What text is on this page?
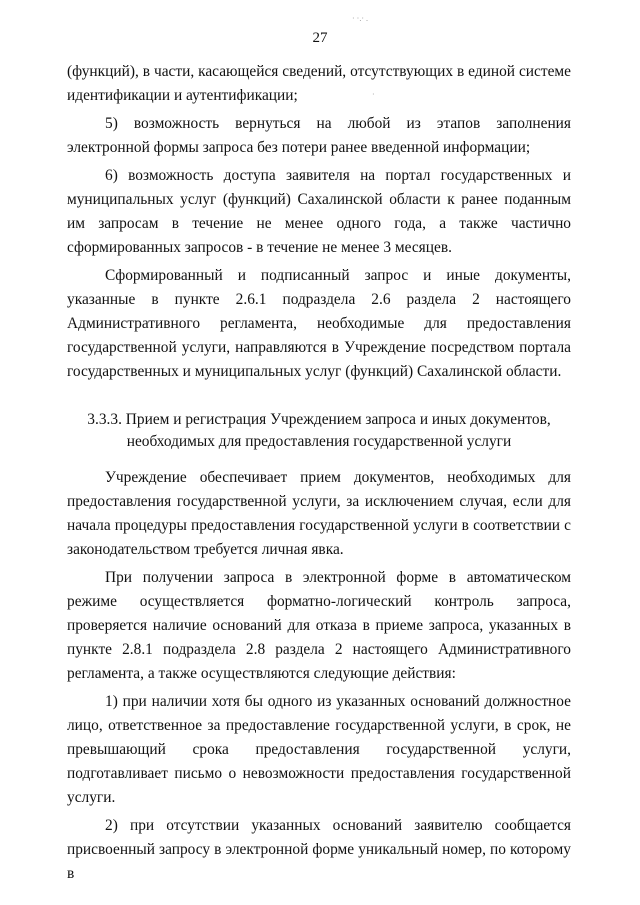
· ·.· .
·
27

(функций), в части, касающейся сведений, отсутствующих в единой системе идентификации и аутентификации;

5) возможность вернуться на любой из этапов заполнения электронной формы запроса без потери ранее введенной информации;

6) возможность доступа заявителя на портал государственных и муниципальных услуг (функций) Сахалинской области к ранее поданным им запросам в течение не менее одного года, а также частично сформированных запросов - в течение не менее 3 месяцев.

Сформированный и подписанный запрос и иные документы, указанные в пункте 2.6.1 подраздела 2.6 раздела 2 настоящего Административного регламента, необходимые для предоставления государственной услуги, направляются в Учреждение посредством портала государственных и муниципальных услуг (функций) Сахалинской области.

3.3.3. Прием и регистрация Учреждением запроса и иных документов,
необходимых для предоставления государственной услуги

Учреждение обеспечивает прием документов, необходимых для предоставления государственной услуги, за исключением случая, если для начала процедуры предоставления государственной услуги в соответствии с законодательством требуется личная явка.

При получении запроса в электронной форме в автоматическом режиме осуществляется форматно-логический контроль запроса, проверяется наличие оснований для отказа в приеме запроса, указанных в пункте 2.8.1 подраздела 2.8 раздела 2 настоящего Административного регламента, а также осуществляются следующие действия:

1) при наличии хотя бы одного из указанных оснований должностное лицо, ответственное за предоставление государственной услуги, в срок, не превышающий срока предоставления государственной услуги, подготавливает письмо о невозможности предоставления государственной услуги.

2) при отсутствии указанных оснований заявителю сообщается присвоенный запросу в электронной форме уникальный номер, по которому в
